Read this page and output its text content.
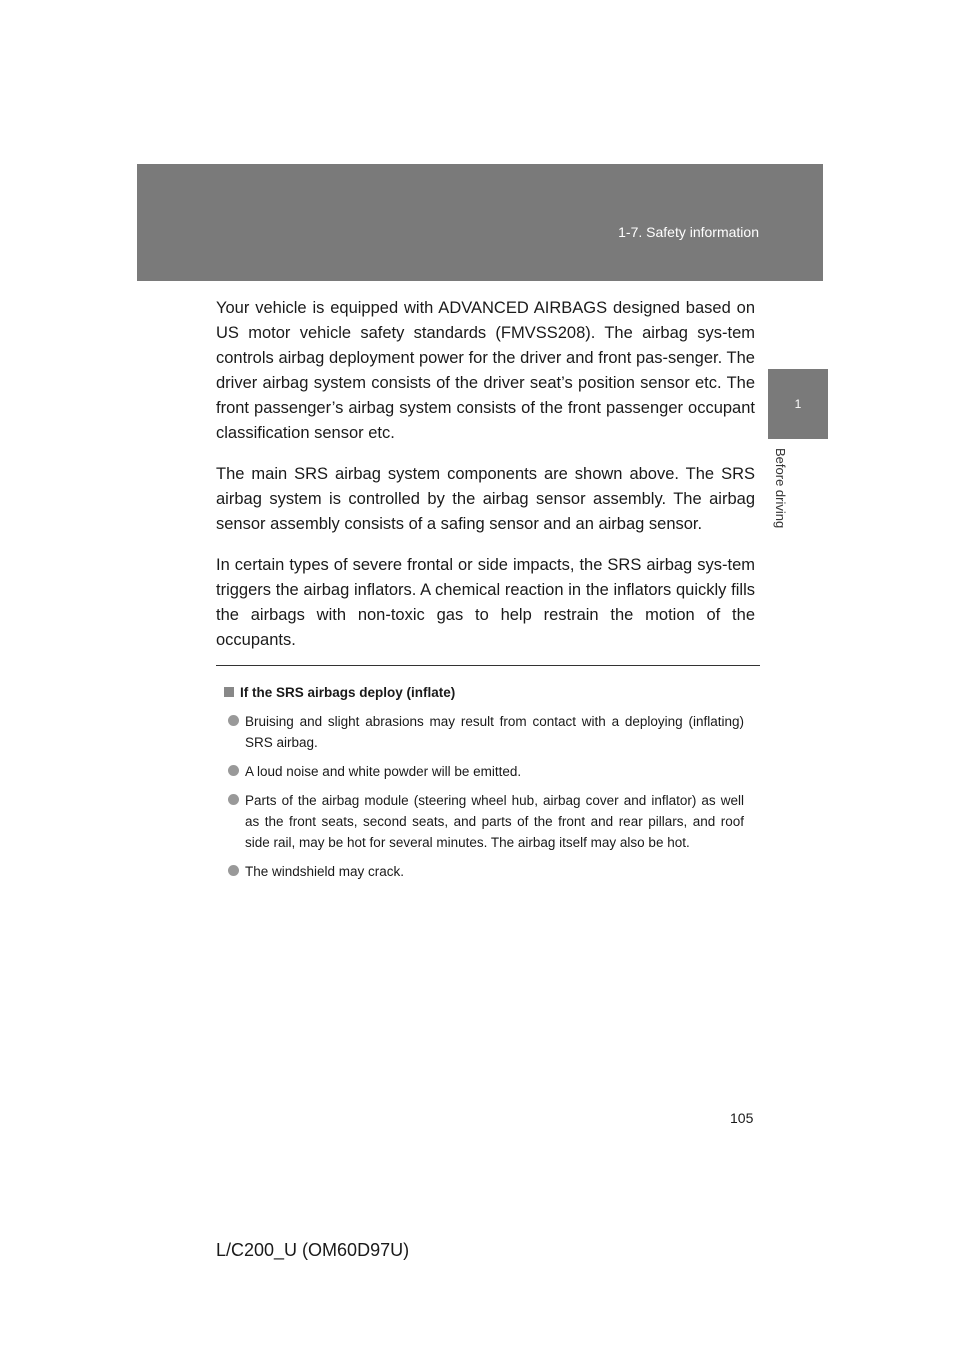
1-7. Safety information
1
Before driving

Your vehicle is equipped with ADVANCED AIRBAGS designed based on US motor vehicle safety standards (FMVSS208). The airbag sys-tem controls airbag deployment power for the driver and front pas-senger. The driver airbag system consists of the driver seat’s position sensor etc. The front passenger’s airbag system consists of the front passenger occupant classification sensor etc.

The main SRS airbag system components are shown above. The SRS airbag system is controlled by the airbag sensor assembly. The airbag sensor assembly consists of a safing sensor and an airbag sensor.

In certain types of severe frontal or side impacts, the SRS airbag sys-tem triggers the airbag inflators. A chemical reaction in the inflators quickly fills the airbags with non-toxic gas to help restrain the motion of the occupants.

If the SRS airbags deploy (inflate)
Bruising and slight abrasions may result from contact with a deploying (inflating) SRS airbag.
A loud noise and white powder will be emitted.
Parts of the airbag module (steering wheel hub, airbag cover and inflator) as well as the front seats, second seats, and parts of the front and rear pillars, and roof side rail, may be hot for several minutes. The airbag itself may also be hot.
The windshield may crack.
105
L/C200_U (OM60D97U)
